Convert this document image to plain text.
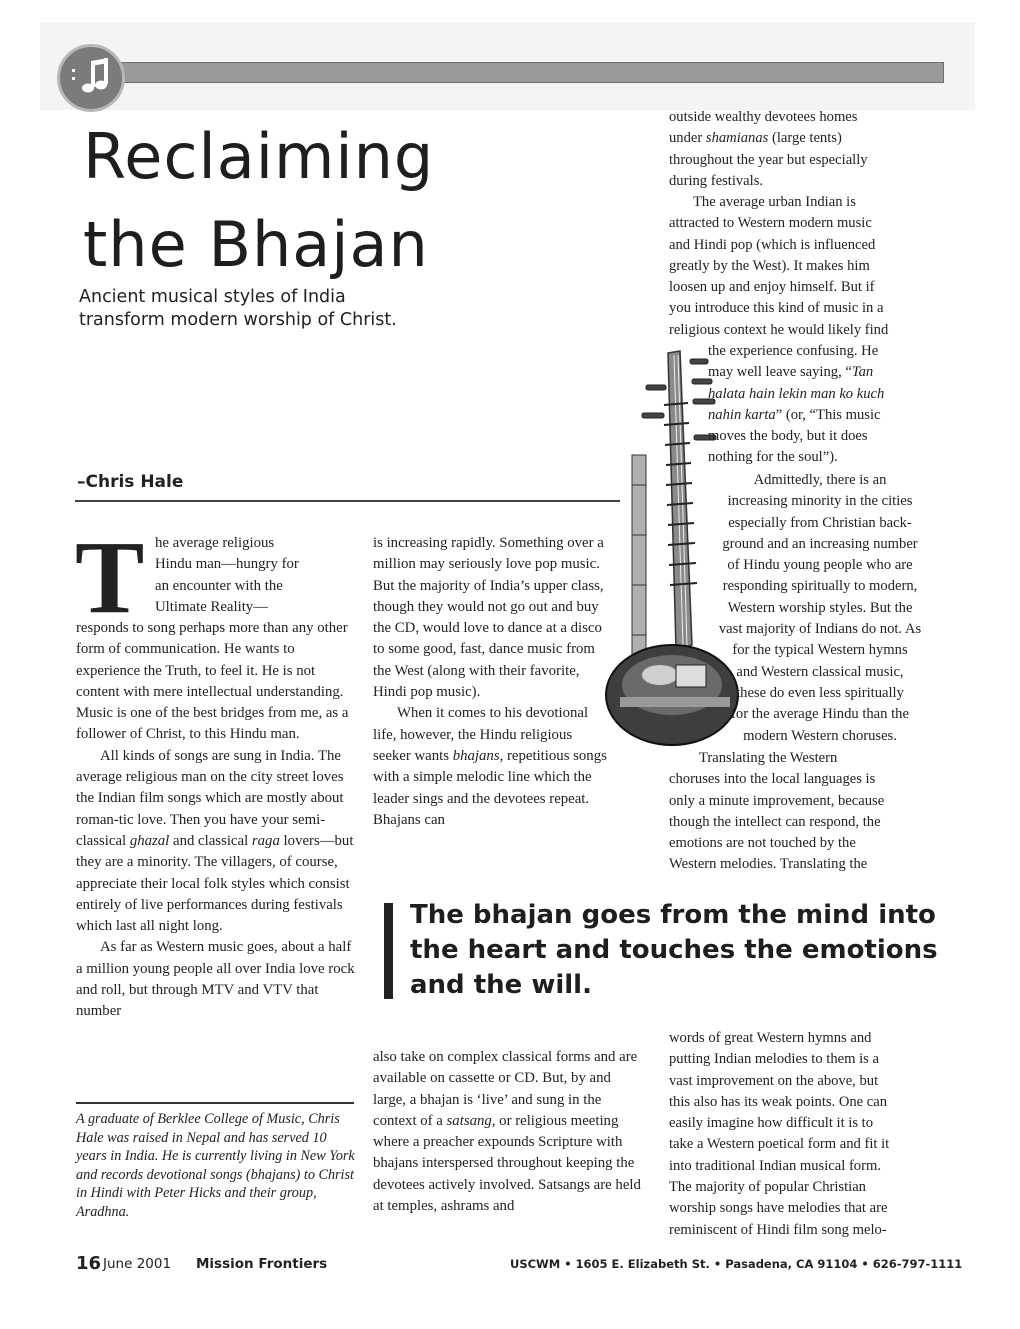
Reclaiming
the Bhajan
Ancient musical styles of India
transform modern worship of Christ.
–Chris Hale
T he average religious
Hindu man—hungry for
an encounter with the
Ultimate Reality—

responds to song perhaps more than any other form of communication. He wants to experience the Truth, to feel it. He is not content with mere intellectual understanding. Music is one of the best bridges from me, as a follower of Christ, to this Hindu man.

All kinds of songs are sung in India. The average religious man on the city street loves the Indian film songs which are mostly about roman-tic love. Then you have your semi-classical ghazal and classical raga lovers—but they are a minority. The villagers, of course, appreciate their local folk styles which consist entirely of live performances during festivals which last all night long.

As far as Western music goes, about a half a million young people all over India love rock and roll, but through MTV and VTV that number

is increasing rapidly. Something over a million may seriously love pop music. But the majority of India’s upper class, though they would not go out and buy the CD, would love to dance at a disco to some good, fast, dance music from the West (along with their favorite, Hindi pop music).

When it comes to his devotional life, however, the Hindu religious seeker wants bhajans, repetitious songs with a simple melodic line which the leader sings and the devotees repeat. Bhajans can

The bhajan goes from the mind into
the heart and touches the emotions
and the will.

also take on complex classical forms and are available on cassette or CD. But, by and large, a bhajan is ‘live’ and sung in the context of a satsang, or religious meeting where a preacher expounds Scripture with bhajans interspersed throughout keeping the devotees actively involved. Satsangs are held at temples, ashrams and

outside wealthy devotees homes
under shamianas (large tents)
throughout the year but especially
during festivals.
The average urban Indian is
attracted to Western modern music
and Hindi pop (which is influenced
greatly by the West). It makes him
loosen up and enjoy himself. But if
you introduce this kind of music in a
religious context he would likely find
the experience confusing. He
may well leave saying, “Tan
halata hain lekin man ko kuch
nahin karta” (or, “This music
moves the body, but it does
nothing for the soul”).
Admittedly, there is an
increasing minority in the cities
especially from Christian back-
ground and an increasing number
of Hindu young people who are
responding spiritually to modern,
Western worship styles. But the
vast majority of Indians do not. As
for the typical Western hymns
and Western classical music,
these do even less spiritually
for the average Hindu than the
modern Western choruses.
Translating the Western
choruses into the local languages is
only a minute improvement, because
though the intellect can respond, the
emotions are not touched by the
Western melodies. Translating the
words of great Western hymns and
putting Indian melodies to them is a
vast improvement on the above, but
this also has its weak points. One can
easily imagine how difficult it is to
take a Western poetical form and fit it
into traditional Indian musical form.
The majority of popular Christian
worship songs have melodies that are
reminiscent of Hindi film song melo-
A graduate of Berklee College of Music, Chris Hale was raised in Nepal and has served 10 years in India. He is currently living in New York and records devotional songs (bhajans) to Christ in Hindi with Peter Hicks and their group, Aradhna.
16 June 2001 Mission Frontiers	USCWM • 1605 E. Elizabeth St. • Pasadena, CA 91104 • 626-797-1111
